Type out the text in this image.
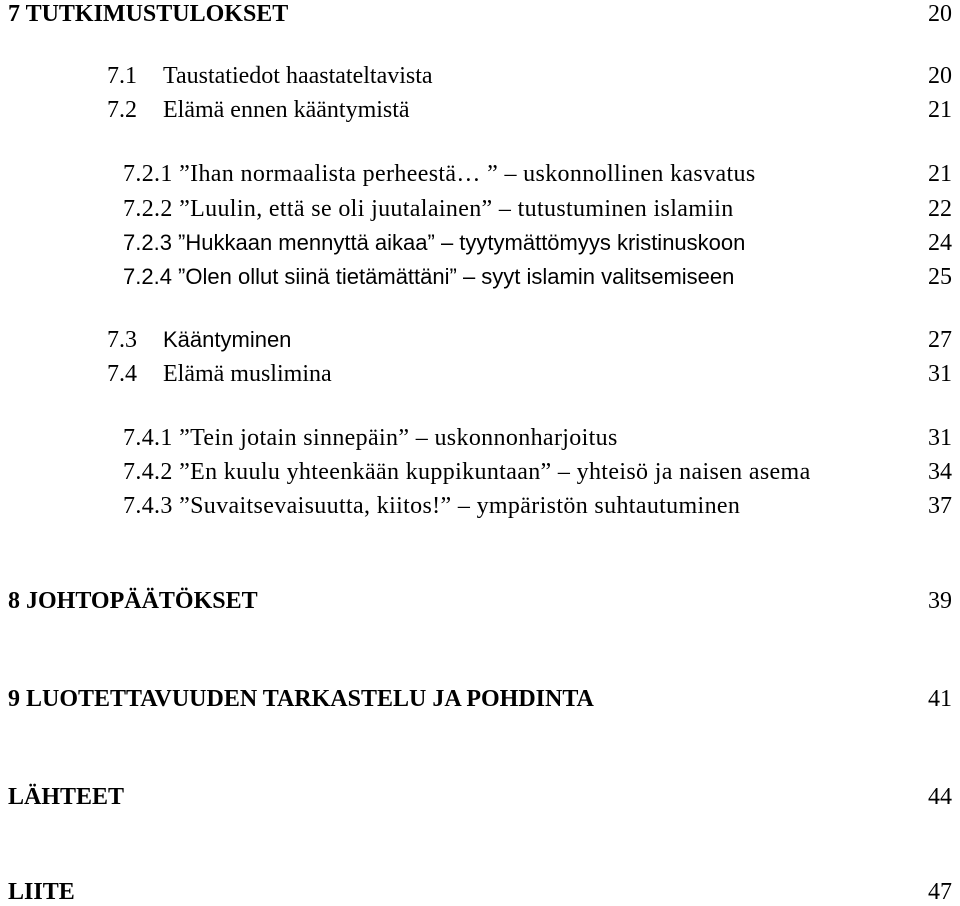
7 TUTKIMUSTULOKSET	20
7.1 Taustatiedot haastateltavista	20
7.2 Elämä ennen kääntymistä	21
7.2.1 ”Ihan normaalista perheestä… ” – uskonnollinen kasvatus	21
7.2.2 ”Luulin, että se oli juutalainen” – tutustuminen islamiin	22
7.2.3 ”Hukkaan mennyttä aikaa” – tyytymättömyys kristinuskoon	24
7.2.4 ”Olen ollut siinä tietämättäni” – syyt islamin valitsemiseen	25
7.3 Kääntyminen	27
7.4 Elämä muslimina	31
7.4.1 ”Tein jotain sinnepäin” – uskonnonharjoitus	31
7.4.2 ”En kuulu yhteenkään kuppikuntaan” – yhteisö ja naisen asema	34
7.4.3 ”Suvaitsevaisuutta, kiitos!” – ympäristön suhtautuminen	37
8 JOHTOPÄÄTÖKSET	39
9 LUOTETTAVUUDEN TARKASTELU JA POHDINTA	41
LÄHTEET	44
LIITE	47
